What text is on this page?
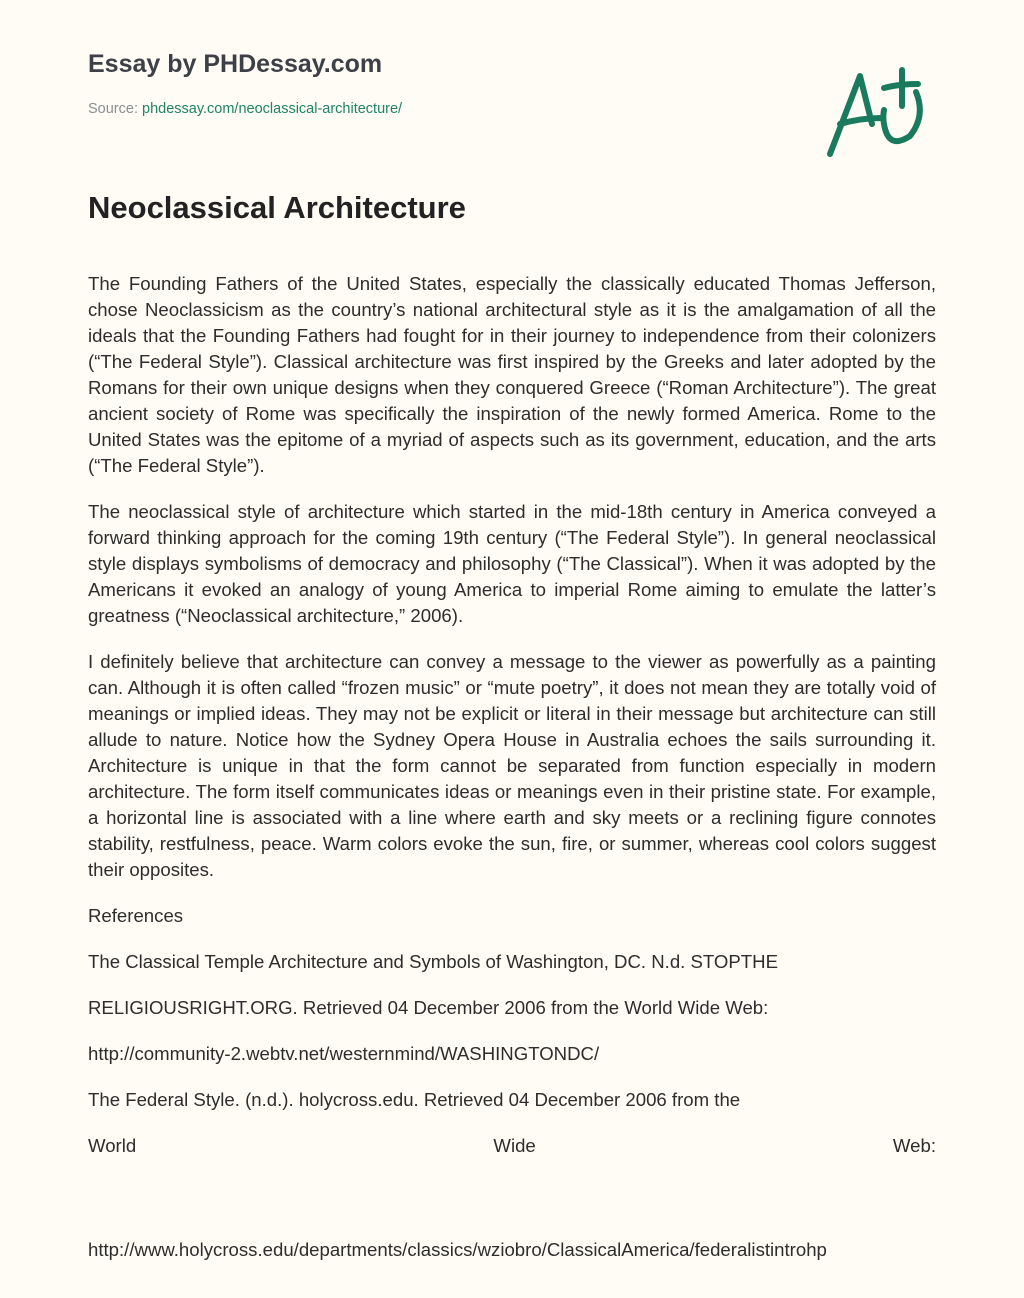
Essay by PHDessay.com
Source: phdessay.com/neoclassical-architecture/
Neoclassical Architecture

The Founding Fathers of the United States, especially the classically educated Thomas Jefferson, chose Neoclassicism as the country’s national architectural style as it is the amalgamation of all the ideals that the Founding Fathers had fought for in their journey to independence from their colonizers (“The Federal Style”). Classical architecture was first inspired by the Greeks and later adopted by the Romans for their own unique designs when they conquered Greece (“Roman Architecture”). The great ancient society of Rome was specifically the inspiration of the newly formed America. Rome to the United States was the epitome of a myriad of aspects such as its government, education, and the arts (“The Federal Style”).

The neoclassical style of architecture which started in the mid-18th century in America conveyed a forward thinking approach for the coming 19th century (“The Federal Style”). In general neoclassical style displays symbolisms of democracy and philosophy (“The Classical”). When it was adopted by the Americans it evoked an analogy of young America to imperial Rome aiming to emulate the latter’s greatness (“Neoclassical architecture,” 2006).

I definitely believe that architecture can convey a message to the viewer as powerfully as a painting can. Although it is often called “frozen music” or “mute poetry”, it does not mean they are totally void of meanings or implied ideas. They may not be explicit or literal in their message but architecture can still allude to nature. Notice how the Sydney Opera House in Australia echoes the sails surrounding it. Architecture is unique in that the form cannot be separated from function especially in modern architecture. The form itself communicates ideas or meanings even in their pristine state. For example, a horizontal line is associated with a line where earth and sky meets or a reclining figure connotes stability, restfulness, peace. Warm colors evoke the sun, fire, or summer, whereas cool colors suggest their opposites.

References

The Classical Temple Architecture and Symbols of Washington, DC. N.d. STOPTHE

RELIGIOUSRIGHT.ORG. Retrieved 04 December 2006 from the World Wide Web:

http://community-2.webtv.net/westernmind/WASHINGTONDC/

The Federal Style. (n.d.). holycross.edu. Retrieved 04 December 2006 from the

World Wide Web:

http://www.holycross.edu/departments/classics/wziobro/ClassicalAmerica/federalistintrohp
